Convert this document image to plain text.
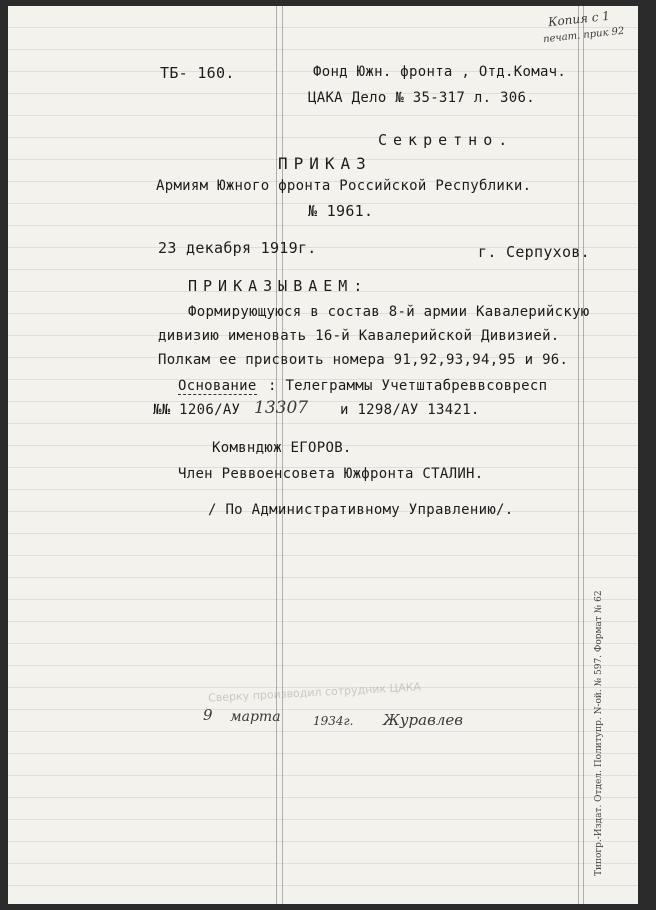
Копия с 1
печат. прик 92
ТБ- 160.	Фонд Южн. фронта , Отд.Комач.
ЦАКА Дело № 35-317 л. 306.
Секретно.
ПРИКАЗ
Армиям Южного фронта Российской Республики.
№ 1961.
23 декабря 1919г.	г. Серпухов.
ПРИКАЗЫВАЕМ:
Формирующуюся в состав 8-й армии Кавалерийскую
дивизию именовать 16-й Кавалерийской Дивизией.
Полкам ее присвоить номера 91,92,93,94,95 и 96.
Основание : Телеграммы Учетштабреввсовресп
№№ 1206/АУ 13307 и 1298/АУ 13421.
Комвндюж ЕГОРОВ.
Член Реввоенсовета Южфронта СТАЛИН.
/ По Административному Управлению/.
Сверку производил сотрудник ЦАКА
9 марта	1934г. Журавлев	Типогр.-Издат. Отдел. Политупр. N-ой. № 597. Формат № 62
